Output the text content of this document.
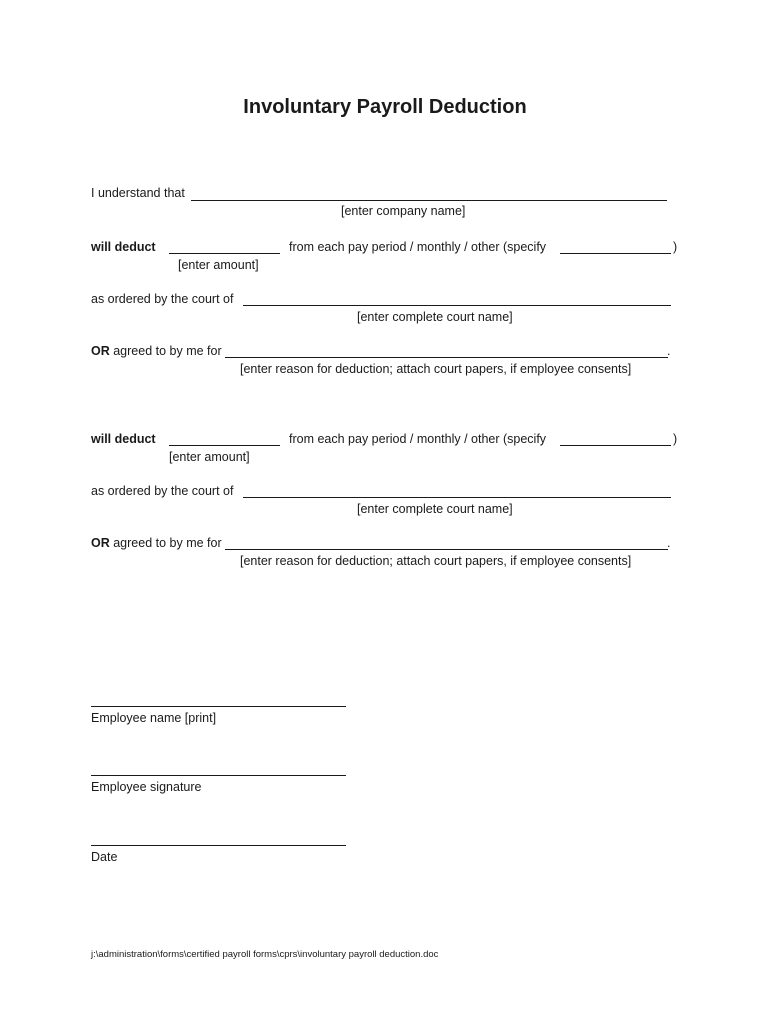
Involuntary Payroll Deduction
I understand that
[enter company name]
will deduct
[enter amount]
from each pay period / monthly / other (specify	)
as ordered by the court of
[enter complete court name]
OR agreed to by me for	.
[enter reason for deduction; attach court papers, if employee consents]
will deduct
[enter amount]
from each pay period / monthly / other (specify	)
as ordered by the court of
[enter complete court name]
OR agreed to by me for	.
[enter reason for deduction; attach court papers, if employee consents]
Employee name [print]
Employee signature
Date
j:\administration\forms\certified payroll forms\cprs\involuntary payroll deduction.doc
